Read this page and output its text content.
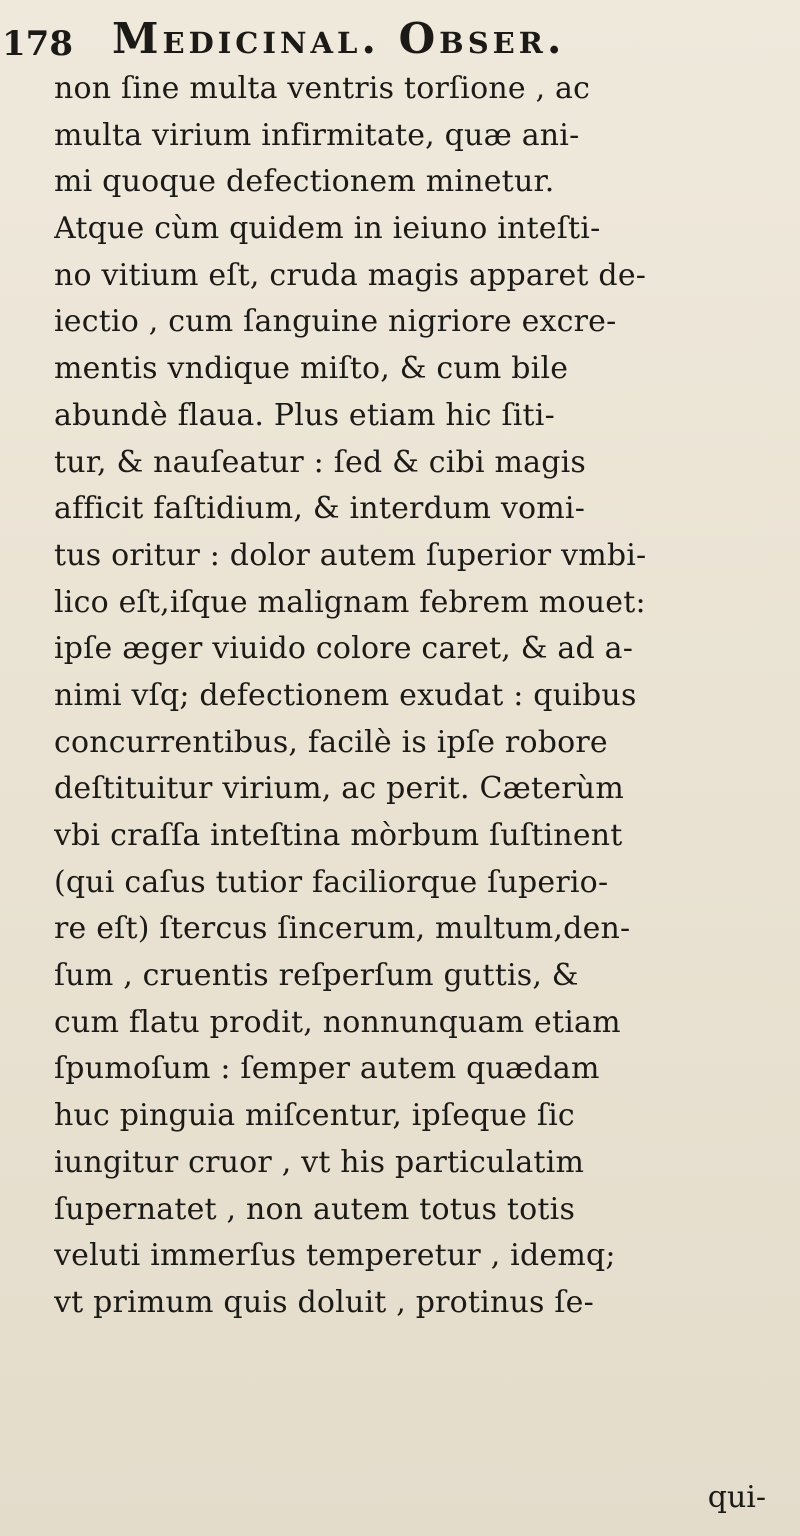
178 Medicinal. Obser.
non ſine multa ventris torſione , ac
multa virium infirmitate, quæ ani-
mi quoque defectionem minetur.
Atque cùm quidem in ieiuno inteſti-
no vitium eſt, cruda magis apparet de-
iectio , cum ſanguine nigriore excre-
mentis vndique miſto, & cum bile
abundè flaua. Plus etiam hic ſiti-
tur, & nauſeatur : ſed & cibi magis
afficit faſtidium, & interdum vomi-
tus oritur : dolor autem ſuperior vmbi-
lico eſt,iſque malignam febrem mouet:
ipſe æger viuido colore caret, & ad a-
nimi vſq; defectionem exudat : quibus
concurrentibus, facilè is ipſe robore
deſtituitur virium, ac perit. Cæterùm
vbi craſſa inteſtina mòrbum ſuſtinent
(qui caſus tutior faciliorque ſuperio-
re eſt) ſtercus ſincerum, multum,den-
ſum , cruentis reſperſum guttis, &
cum flatu prodit, nonnunquam etiam
ſpumoſum : ſemper autem quædam
huc pinguia miſcentur, ipſeque ſic
iungitur cruor , vt his particulatim
ſupernatet , non autem totus totis
veluti immerſus temperetur , idemq;
vt primum quis doluit , protinus ſe-
qui-
